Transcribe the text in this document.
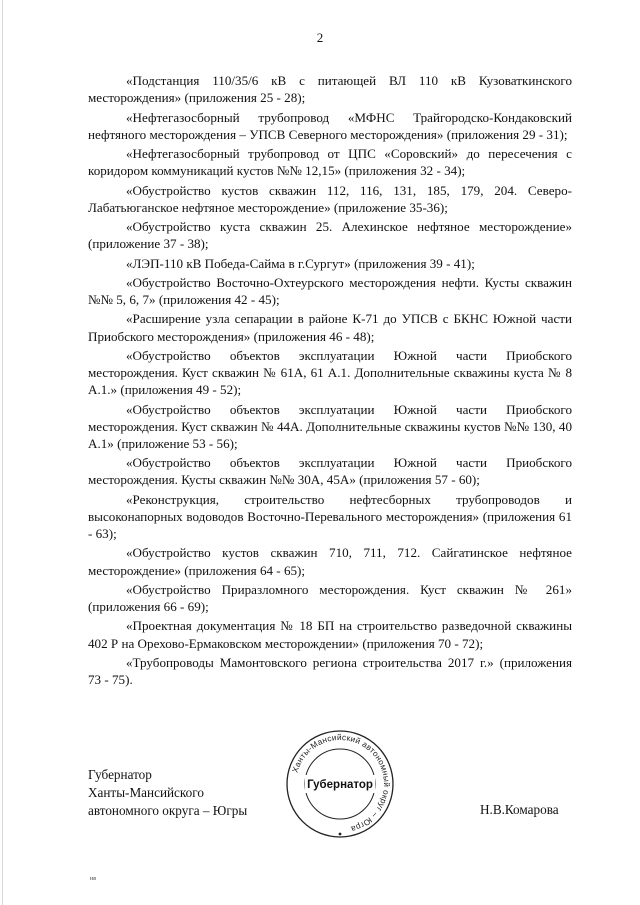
2

«Подстанция 110/35/6 кВ с питающей ВЛ 110 кВ Кузоваткинского месторождения» (приложения 25 - 28);

«Нефтегазосборный трубопровод «МФНС Трайгородско-Кондаковский нефтяного месторождения – УПСВ Северного месторождения» (приложения 29 - 31);

«Нефтегазосборный трубопровод от ЦПС «Соровский» до пересечения с коридором коммуникаций кустов №№ 12,15» (приложения 32 - 34);

«Обустройство кустов скважин 112, 116, 131, 185, 179, 204. Северо-Лабатьюганское нефтяное месторождение» (приложение 35-36);

«Обустройство куста скважин 25. Алехинское нефтяное месторождение» (приложение 37 - 38);

«ЛЭП-110 кВ Победа-Сайма в г.Сургут» (приложения 39 - 41);

«Обустройство Восточно-Охтеурского месторождения нефти. Кусты скважин №№ 5, 6, 7» (приложения 42 - 45);

«Расширение узла сепарации в районе К-71 до УПСВ с БКНС Южной части Приобского месторождения» (приложения 46 - 48);

«Обустройство объектов эксплуатации Южной части Приобского месторождения. Куст скважин № 61А, 61 А.1. Дополнительные скважины куста № 8 А.1.» (приложения 49 - 52);

«Обустройство объектов эксплуатации Южной части Приобского месторождения. Куст скважин № 44А. Дополнительные скважины кустов №№ 130, 40 А.1» (приложение 53 - 56);

«Обустройство объектов эксплуатации Южной части Приобского месторождения. Кусты скважин №№ 30А, 45А» (приложения 57 - 60);

«Реконструкция, строительство нефтесборных трубопроводов и высоконапорных водоводов Восточно-Перевального месторождения» (приложения 61 - 63);

«Обустройство кустов скважин 710, 711, 712. Сайгатинское нефтяное месторождение» (приложения 64 - 65);

«Обустройство Приразломного месторождения. Куст скважин № 261» (приложения 66 - 69);

«Проектная документация № 18 БП на строительство разведочной скважины 402 Р на Орехово-Ермаковском месторождении» (приложения 70 - 72);

«Трубопроводы Мамонтовского региона строительства 2017 г.» (приложения 73 - 75).

Губернатор
Ханты-Мансийского
автономного округа – Югры
Ханты-Мансийский автономный округ – Югра
Губернатор
Н.В.Комарова
нв
